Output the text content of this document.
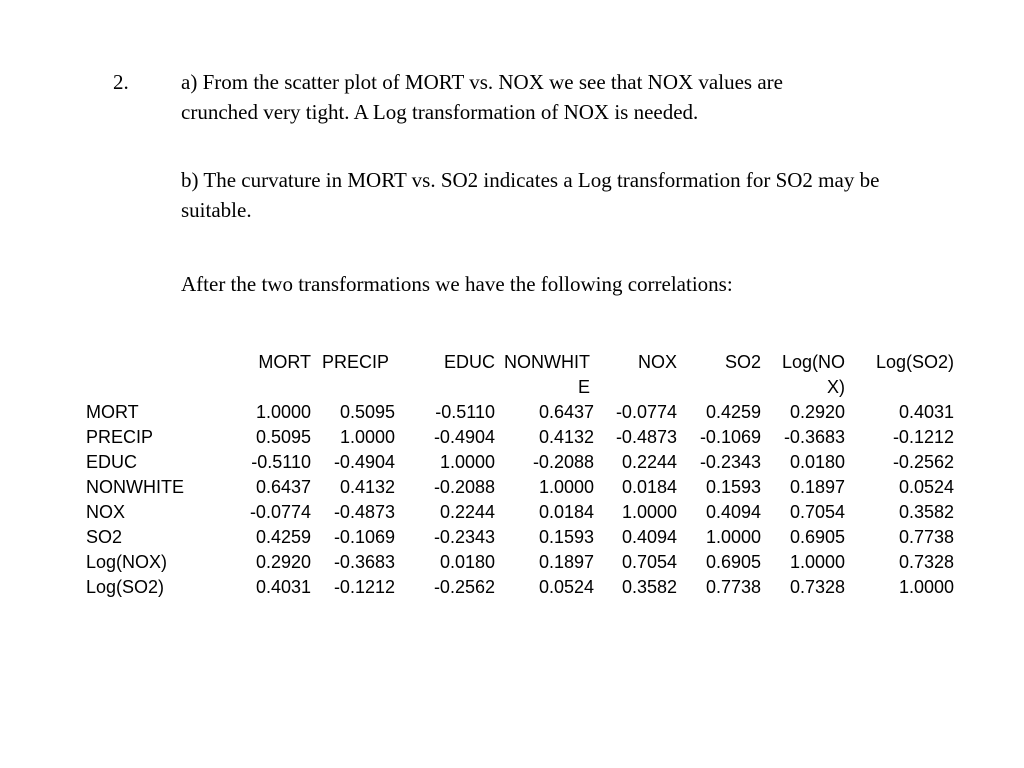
2. a) From the scatter plot of MORT vs. NOX we see that NOX values are crunched very tight. A Log transformation of NOX is needed.
b) The curvature in MORT vs. SO2 indicates a Log transformation for SO2 may be suitable.
After the two transformations we have the following correlations:
	MORT	PRECIP	EDUC	NONWHITE	NOX	SO2	Log(NOX)	Log(SO2)
MORT	1.0000	0.5095	-0.5110	0.6437	-0.0774	0.4259	0.2920	0.4031
PRECIP	0.5095	1.0000	-0.4904	0.4132	-0.4873	-0.1069	-0.3683	-0.1212
EDUC	-0.5110	-0.4904	1.0000	-0.2088	0.2244	-0.2343	0.0180	-0.2562
NONWHITE	0.6437	0.4132	-0.2088	1.0000	0.0184	0.1593	0.1897	0.0524
NOX	-0.0774	-0.4873	0.2244	0.0184	1.0000	0.4094	0.7054	0.3582
SO2	0.4259	-0.1069	-0.2343	0.1593	0.4094	1.0000	0.6905	0.7738
Log(NOX)	0.2920	-0.3683	0.0180	0.1897	0.7054	0.6905	1.0000	0.7328
Log(SO2)	0.4031	-0.1212	-0.2562	0.0524	0.3582	0.7738	0.7328	1.0000
